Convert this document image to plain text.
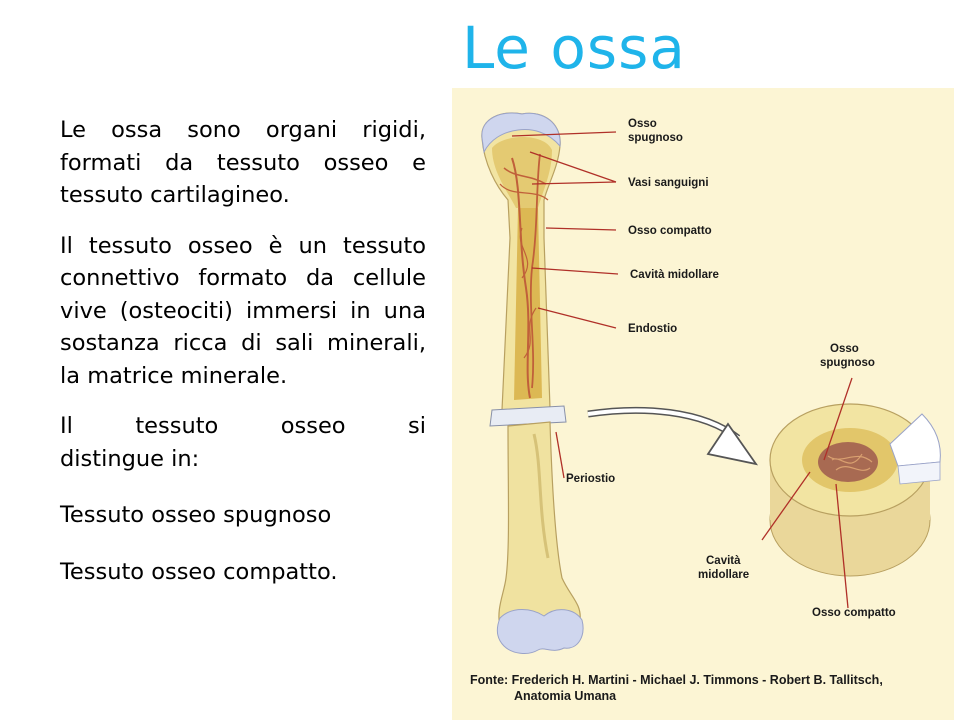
Le ossa

Le ossa sono organi rigidi, formati da tessuto osseo e tessuto cartilagineo.

Il tessuto osseo è un tessuto connettivo formato da cellule vive (osteociti) immersi in una sostanza ricca di sali minerali, la matrice minerale.

Il tessuto osseo si

distingue in:

Tessuto osseo spugnoso

Tessuto osseo compatto.

Osso
spugnoso
Vasi sanguigni
Osso compatto
Cavità midollare
Endostio
Periostio
Osso
spugnoso
Cavità
midollare
Osso compatto
Fonte: Frederich H. Martini - Michael J. Timmons - Robert B. Tallitsch,
Anatomia Umana
